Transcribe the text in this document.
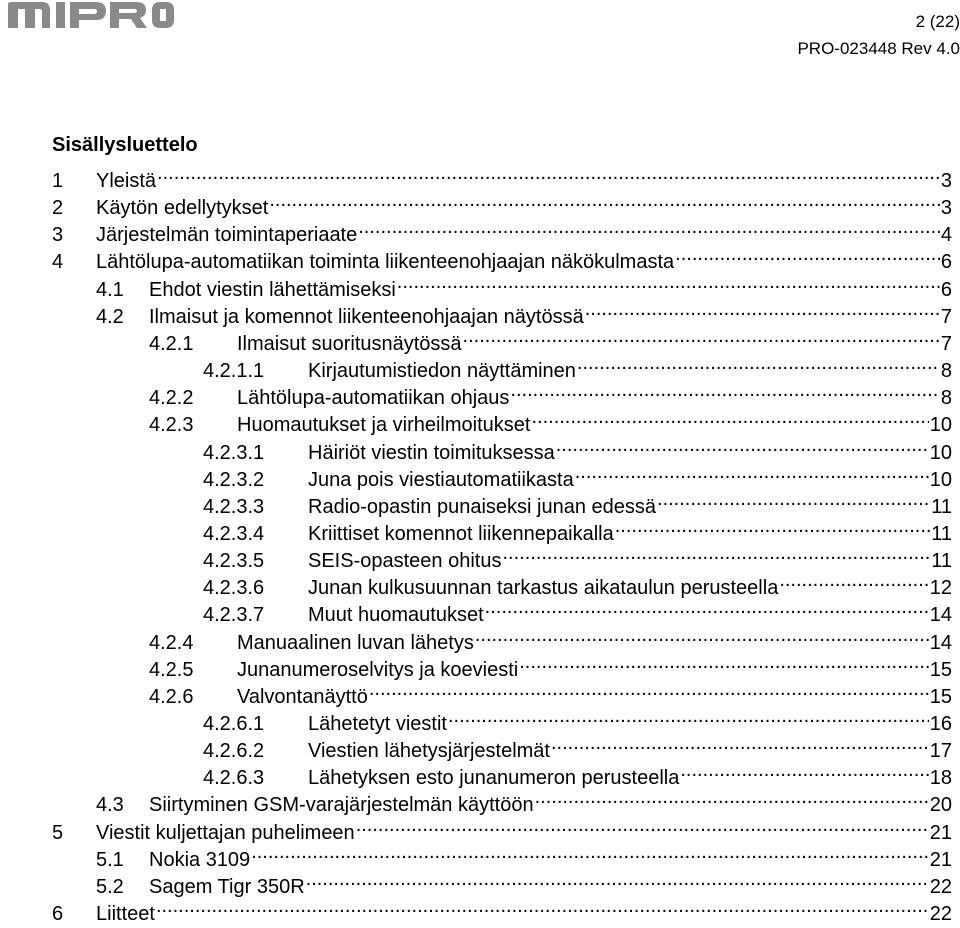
2 (22)
PRO-023448 Rev 4.0
Sisällysluettelo
1	Yleistä .....	3
2	Käytön edellytykset .....	3
3	Järjestelmän toimintaperiaate .....	4
4	Lähtölupa-automatiikan toiminta liikenteenohjaajan näkökulmasta .....	6
4.1	Ehdot viestin lähettämiseksi .....	6
4.2	Ilmaisut ja komennot liikenteenohjaajan näytössä .....	7
4.2.1	Ilmaisut suoritusnäytössä .....	7
4.2.1.1	Kirjautumistiedon näyttäminen .....	8
4.2.2	Lähtölupa-automatiikan ohjaus .....	8
4.2.3	Huomautukset ja virheilmoitukset .....	10
4.2.3.1	Häiriöt viestin toimituksessa .....	10
4.2.3.2	Juna pois viestiautomatiikasta .....	10
4.2.3.3	Radio-opastin punaiseksi junan edessä .....	11
4.2.3.4	Kriittiset komennot liikennepaikalla .....	11
4.2.3.5	SEIS-opasteen ohitus .....	11
4.2.3.6	Junan kulkusuunnan tarkastus aikataulun perusteella .....	12
4.2.3.7	Muut huomautukset .....	14
4.2.4	Manuaalinen luvan lähetys .....	14
4.2.5	Junanumeroselvitys ja koeviesti .....	15
4.2.6	Valvontanäyttö .....	15
4.2.6.1	Lähetetyt viestit .....	16
4.2.6.2	Viestien lähetysjärjestelmät .....	17
4.2.6.3	Lähetyksen esto junanumeron perusteella .....	18
4.3	Siirtyminen GSM-varajärjestelmän käyttöön .....	20
5	Viestit kuljettajan puhelimeen .....	21
5.1	Nokia 3109 .....	21
5.2	Sagem Tigr 350R .....	22
6	Liitteet .....	22
